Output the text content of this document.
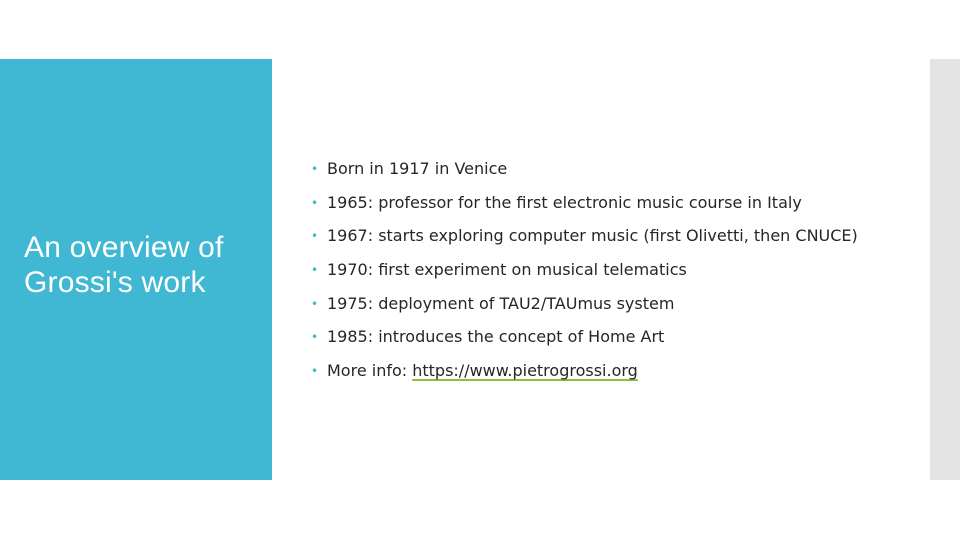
An overview of Grossi's work
• Born in 1917 in Venice
• 1965: professor for the first electronic music course in Italy
• 1967: starts exploring computer music (first Olivetti, then CNUCE)
• 1970: first experiment on musical telematics
• 1975: deployment of TAU2/TAUmus system
• 1985: introduces the concept of Home Art
• More info: https://www.pietrogrossi.org
